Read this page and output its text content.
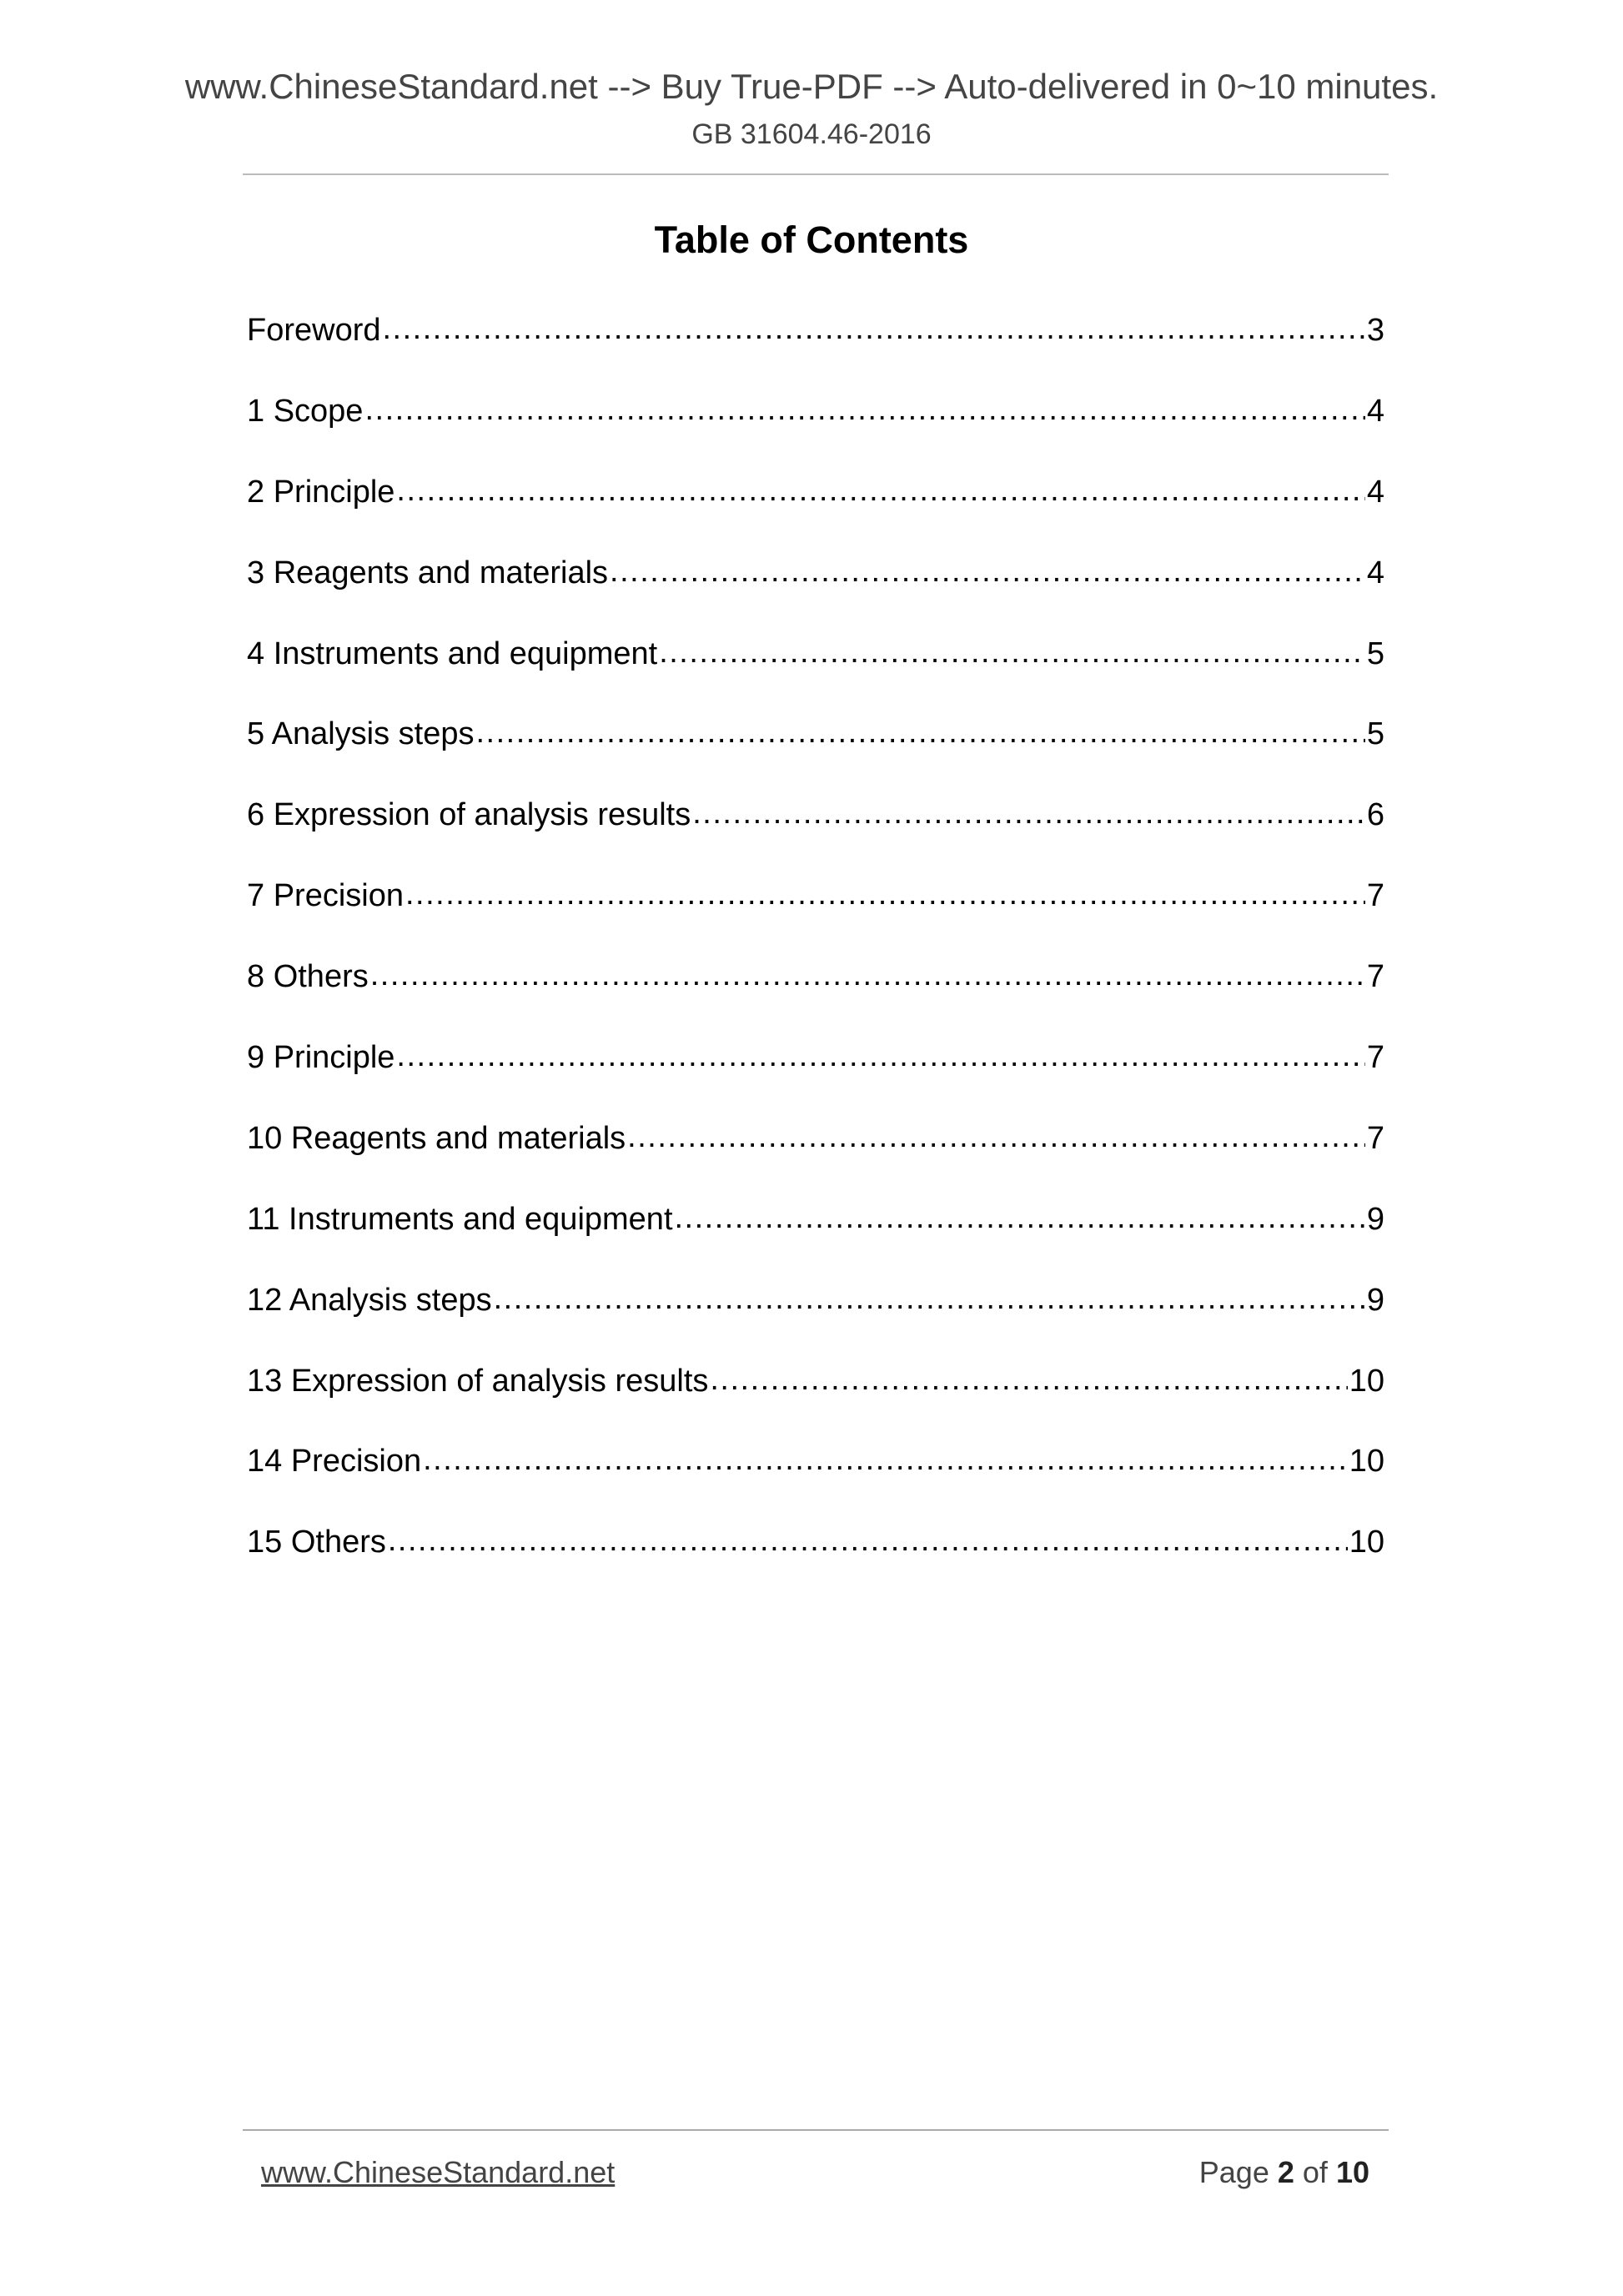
www.ChineseStandard.net --> Buy True-PDF --> Auto-delivered in 0~10 minutes.
GB 31604.46-2016
Table of Contents
Foreword .....	3
1 Scope .....	4
2 Principle .....	4
3 Reagents and materials .....	4
4 Instruments and equipment .....	5
5 Analysis steps .....	5
6 Expression of analysis results .....	6
7 Precision .....	7
8 Others .....	7
9 Principle .....	7
10 Reagents and materials .....	7
11 Instruments and equipment .....	9
12 Analysis steps .....	9
13 Expression of analysis results .....	10
14 Precision .....	10
15 Others .....	10
www.ChineseStandard.net	Page 2 of 10
